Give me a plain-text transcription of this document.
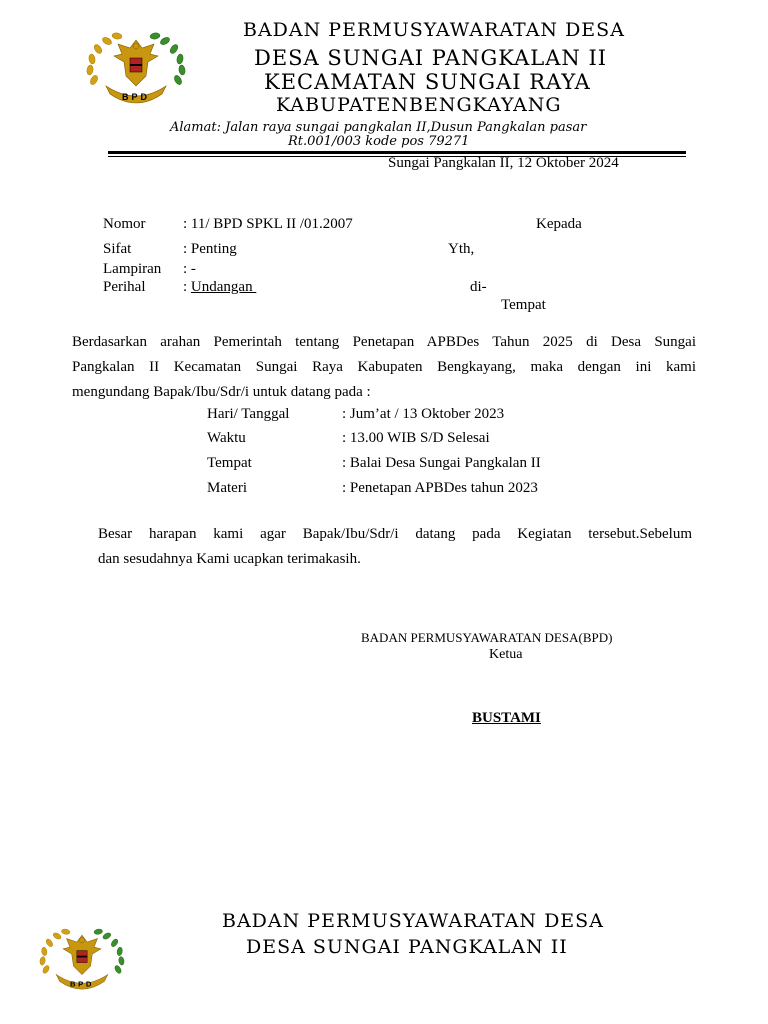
BPD
BADAN PERMUSYAWARATAN DESA
DESA SUNGAI PANGKALAN II
KECAMATAN SUNGAI RAYA
KABUPATENBENGKAYANG
Alamat: Jalan raya sungai pangkalan II,Dusun Pangkalan pasar
Rt.001/003 kode pos 79271
Sungai Pangkalan II, 12 Oktober 2024
Nomor	: 11/ BPD SPKL II /01.2007
Sifat	: Penting
Lampiran : -
Perihal	: Undangan
Kepada
Yth,
di-
Tempat
Berdasarkan arahan Pemerintah tentang Penetapan APBDes Tahun 2025 di Desa Sungai
Pangkalan II Kecamatan Sungai Raya Kabupaten Bengkayang, maka dengan ini kami
mengundang Bapak/Ibu/Sdr/i untuk datang pada :
Hari/ Tanggal	: Jum’at / 13 Oktober 2023
Waktu	: 13.00 WIB S/D Selesai
Tempat	: Balai Desa Sungai Pangkalan II
Materi	: Penetapan APBDes tahun 2023
Besar harapan kami agar Bapak/Ibu/Sdr/i datang pada Kegiatan tersebut.Sebelum
dan sesudahnya Kami ucapkan terimakasih.
BADAN PERMUSYAWARATAN DESA(BPD)
Ketua
BUSTAMI
BPD
BADAN PERMUSYAWARATAN DESA
DESA SUNGAI PANGKALAN II
